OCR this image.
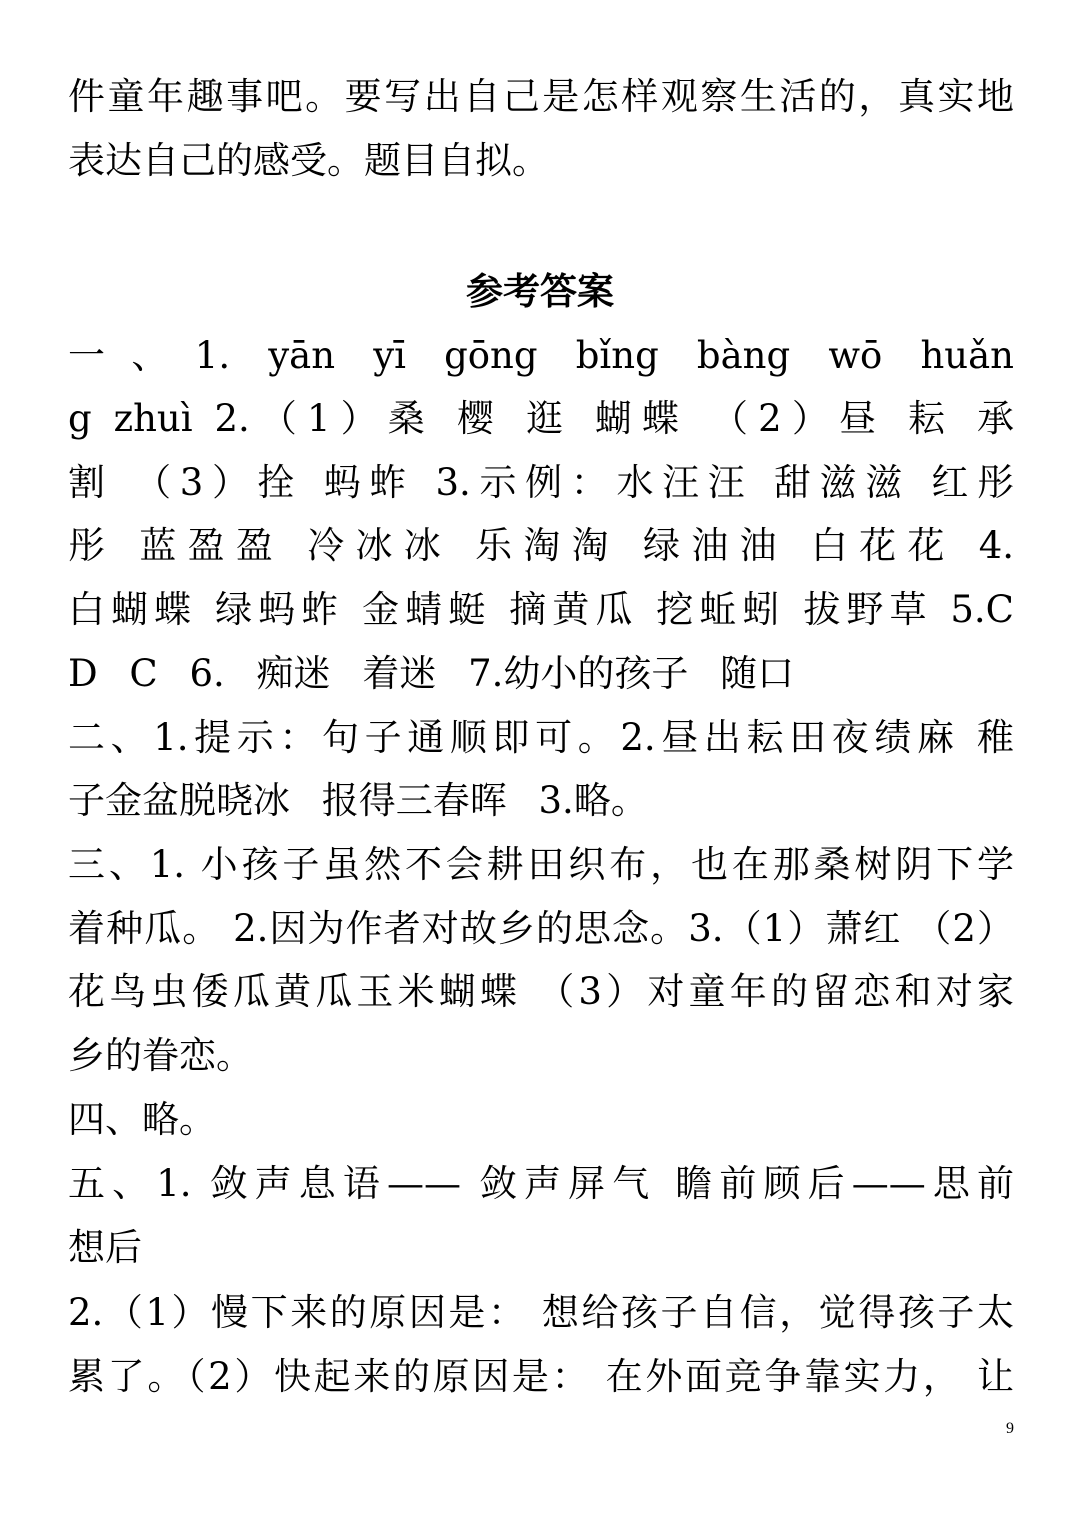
件童年趣事吧。要写出自己是怎样观察生活的，真实地
表达自己的感受。题目自拟。
参考答案
一、1. yān yī gōng bǐng bàng wō huǎn
g zhuì 2.（1）桑 樱 逛 蝴蝶 （2）昼 耘 承
割 （3）拴 蚂蚱 3.示例：水汪汪 甜滋滋 红彤
彤 蓝盈盈 冷冰冰 乐淘淘 绿油油 白花花 4.
白蝴蝶 绿蚂蚱 金蜻蜓 摘黄瓜 挖蚯蚓 拔野草 5.C
D C 6. 痴迷 着迷 7.幼小的孩子 随口
二、1.提示：句子通顺即可。2.昼出耘田夜绩麻 稚
子金盆脱晓冰 报得三春晖 3.略。
三、1. 小孩子虽然不会耕田织布，也在那桑树阴下学
着种瓜。 2.因为作者对故乡的思念。3.（1）萧红 （2）
花鸟虫倭瓜黄瓜玉米蝴蝶 （3）对童年的留恋和对家
乡的眷恋。
四、略。
五、1. 敛声息语—— 敛声屏气 瞻前顾后——思前
想后
2.（1）慢下来的原因是： 想给孩子自信，觉得孩子太
累了。（2）快起来的原因是： 在外面竞争靠实力， 让
9
